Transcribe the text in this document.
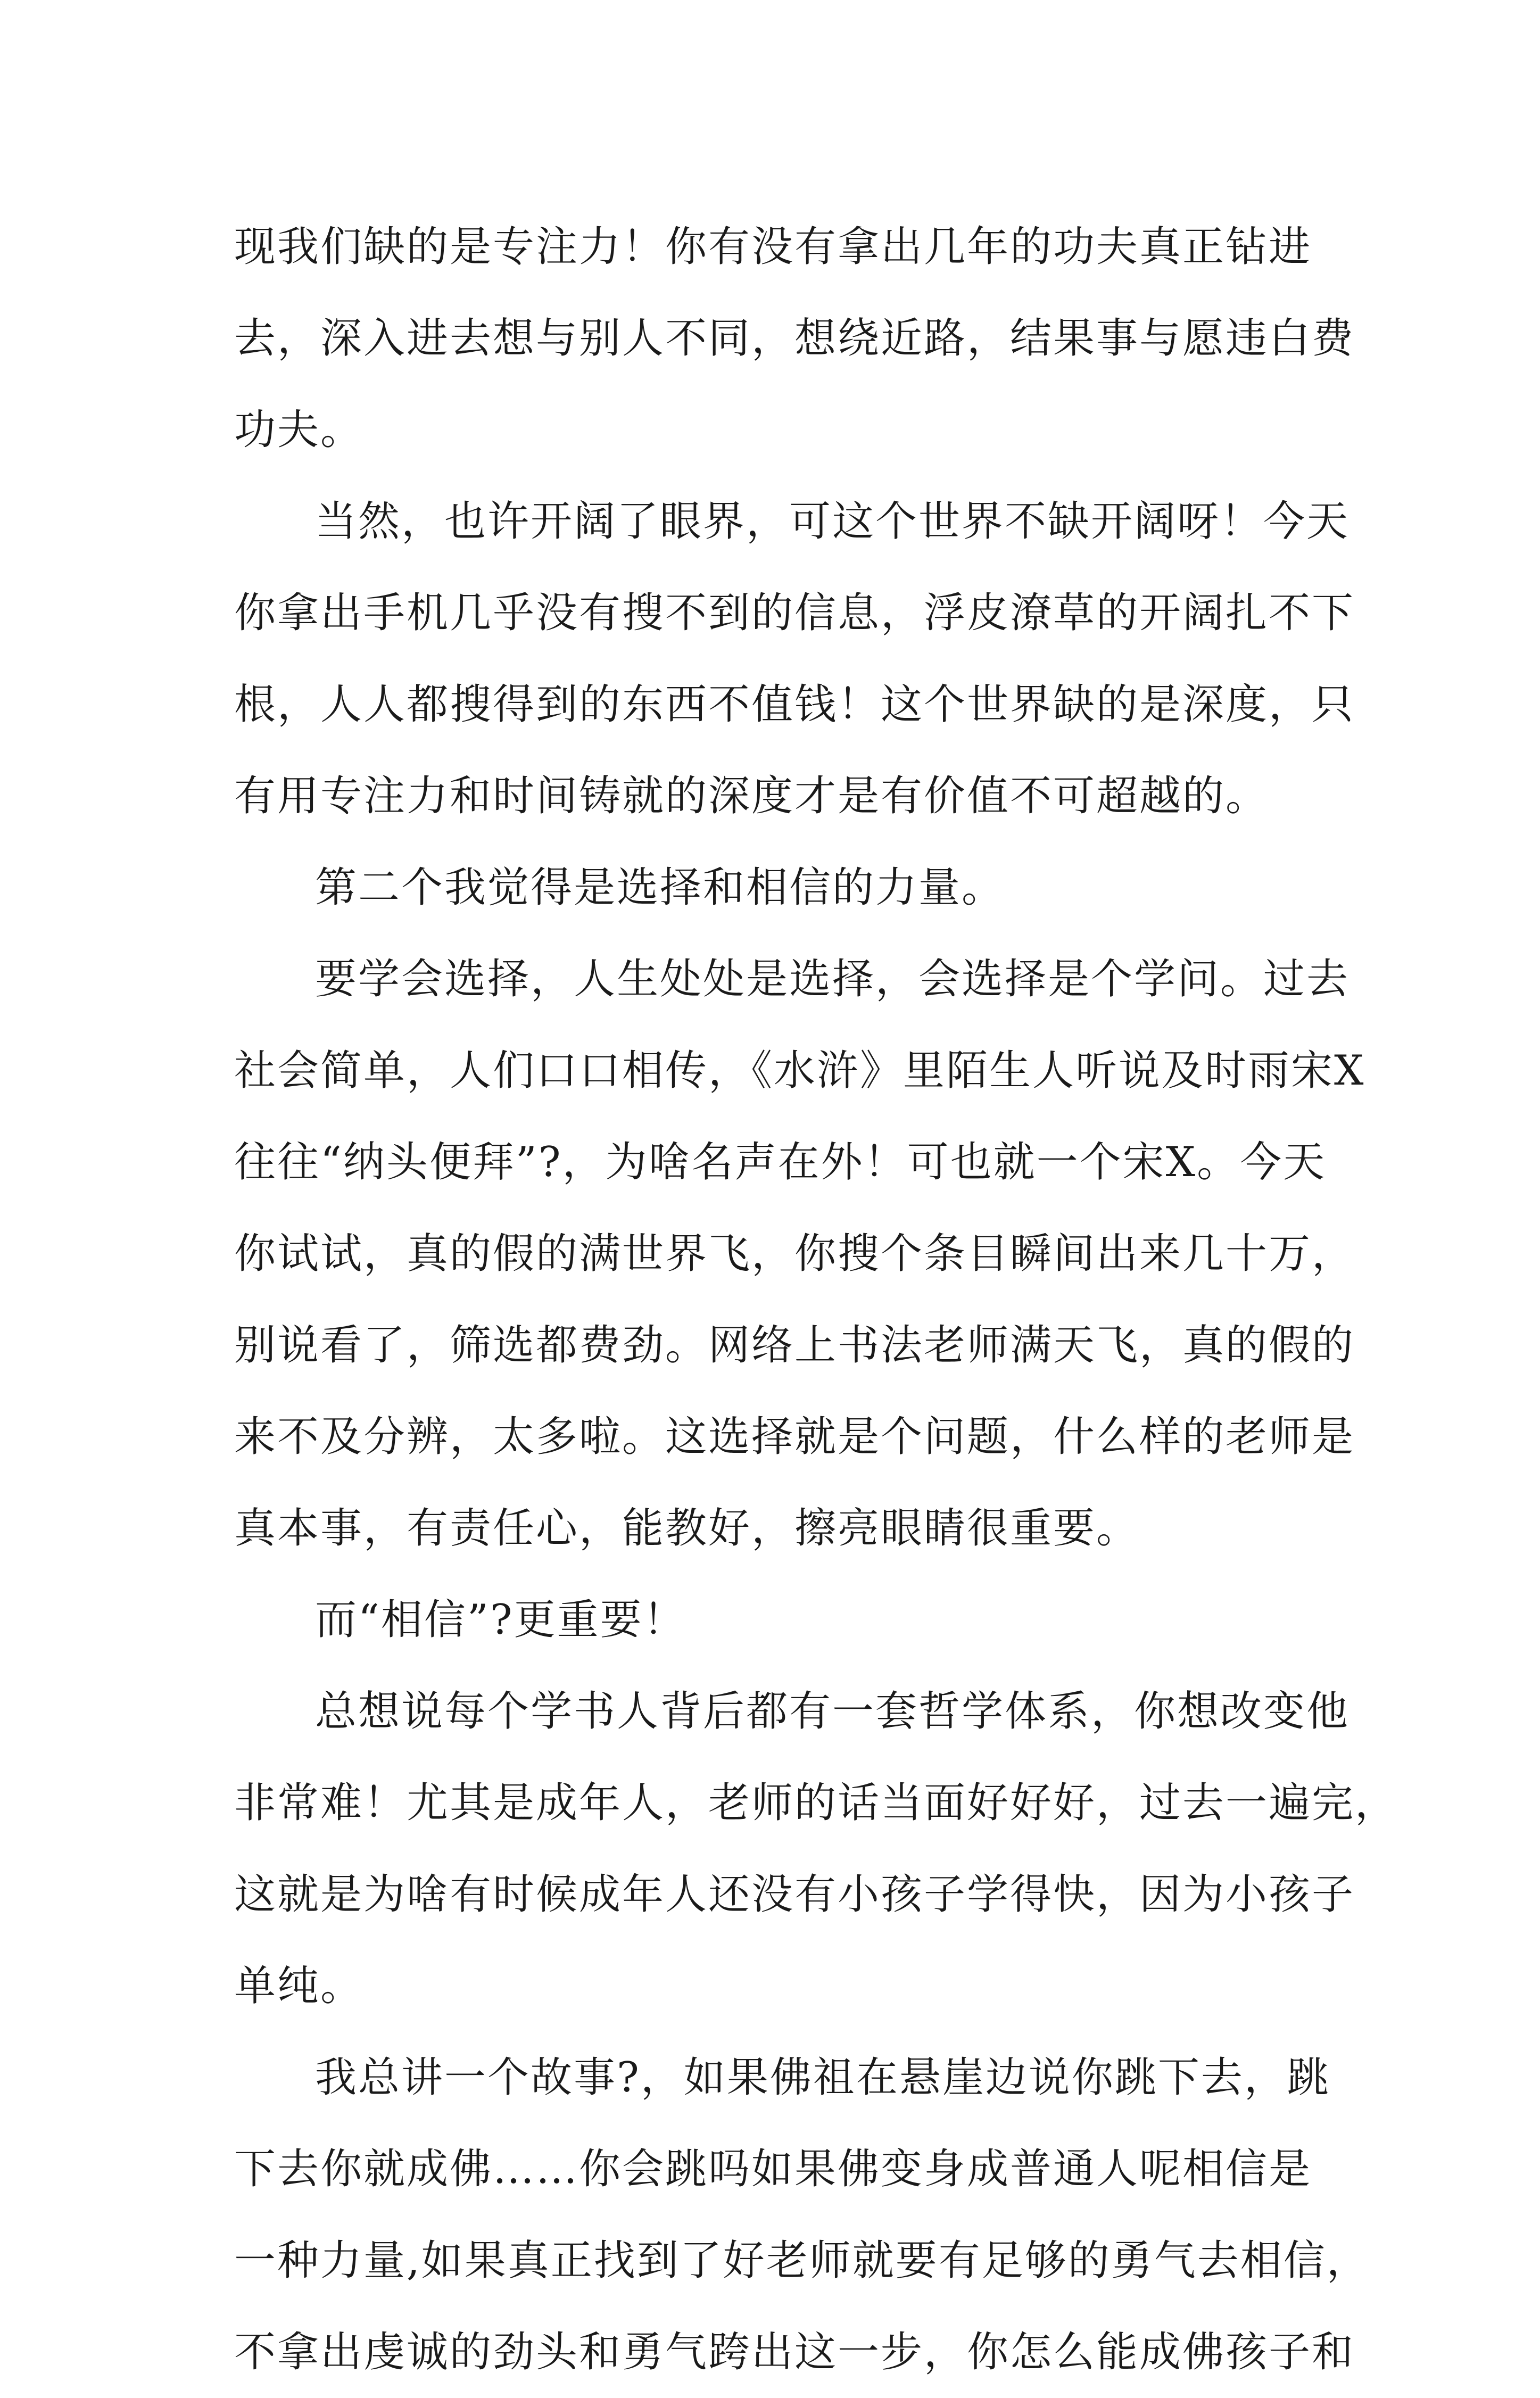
现我们缺的是专注力！你有没有拿出几年的功夫真正钻进
去，深入进去想与别人不同，想绕近路，结果事与愿违白费
功夫。
当然，也许开阔了眼界，可这个世界不缺开阔呀！今天
你拿出手机几乎没有搜不到的信息，浮皮潦草的开阔扎不下
根，人人都搜得到的东西不值钱！这个世界缺的是深度，只
有用专注力和时间铸就的深度才是有价值不可超越的。
第二个我觉得是选择和相信的力量。
要学会选择，人生处处是选择，会选择是个学问。过去
社会简单，人们口口相传，《水浒》里陌生人听说及时雨宋X
往往“纳头便拜”?，为啥名声在外！可也就一个宋X。今天
你试试，真的假的满世界飞，你搜个条目瞬间出来几十万，
别说看了，筛选都费劲。网络上书法老师满天飞，真的假的
来不及分辨，太多啦。这选择就是个问题，什么样的老师是
真本事，有责任心，能教好，擦亮眼睛很重要。
而“相信”?更重要！
总想说每个学书人背后都有一套哲学体系，你想改变他
非常难！尤其是成年人，老师的话当面好好好，过去一遍完，
这就是为啥有时候成年人还没有小孩子学得快，因为小孩子
单纯。
我总讲一个故事?，如果佛祖在悬崖边说你跳下去，跳
下去你就成佛……你会跳吗如果佛变身成普通人呢相信是
一种力量,如果真正找到了好老师就要有足够的勇气去相信，
不拿出虔诚的劲头和勇气跨出这一步，你怎么能成佛孩子和
